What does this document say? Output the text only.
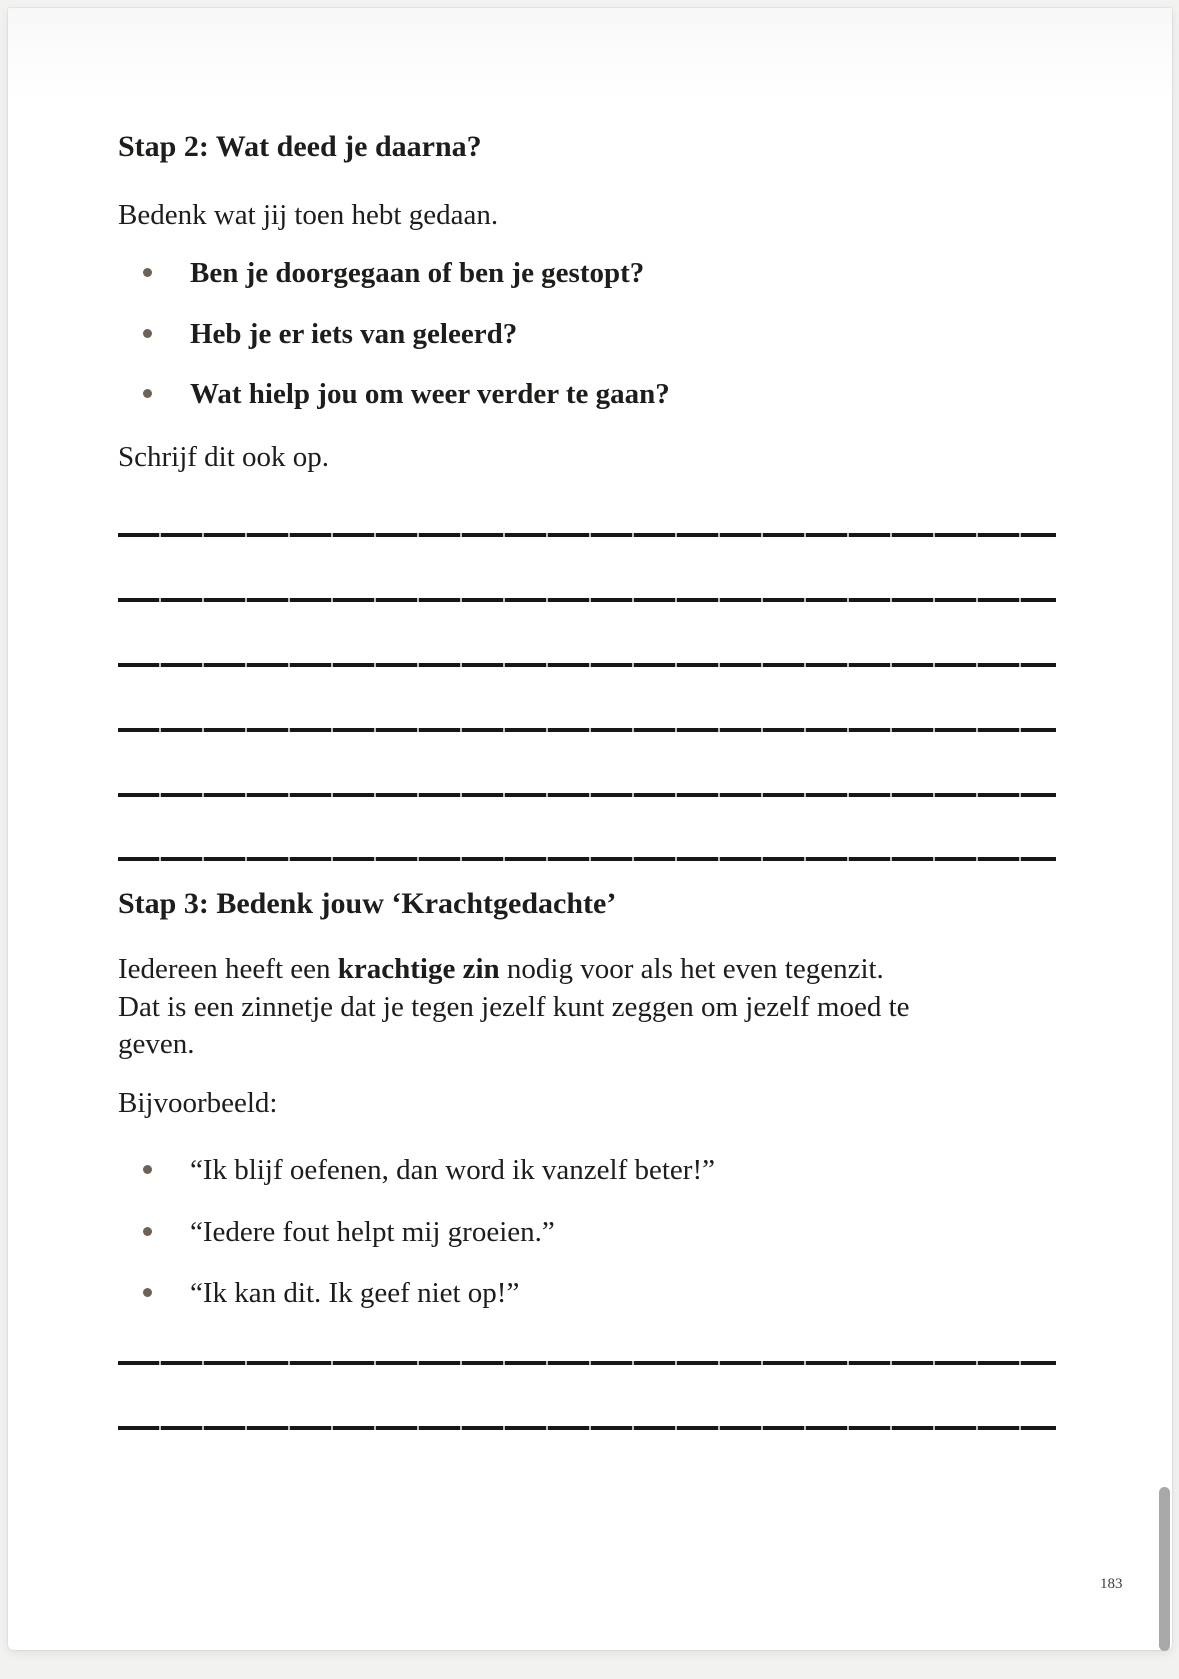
Stap 2: Wat deed je daarna?
Bedenk wat jij toen hebt gedaan.
Ben je doorgegaan of ben je gestopt?
Heb je er iets van geleerd?
Wat hielp jou om weer verder te gaan?
Schrijf dit ook op.
Stap 3: Bedenk jouw ‘Krachtgedachte’
Iedereen heeft een krachtige zin nodig voor als het even tegenzit.
Dat is een zinnetje dat je tegen jezelf kunt zeggen om jezelf moed te
geven.
Bijvoorbeeld:
“Ik blijf oefenen, dan word ik vanzelf beter!”
“Iedere fout helpt mij groeien.”
“Ik kan dit. Ik geef niet op!”
183
